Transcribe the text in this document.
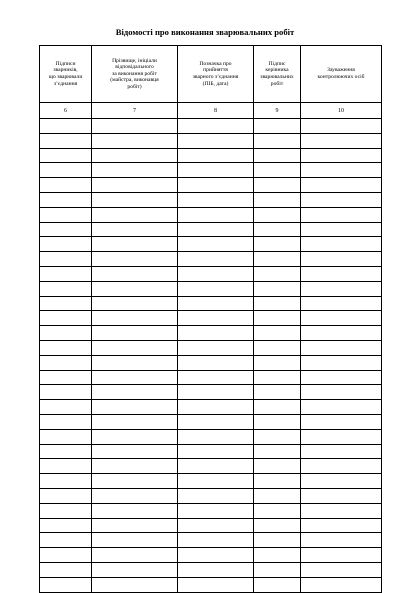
Відомості про виконання зварювальних робіт
Підписи
зварників,
що зварювали
з’єднання	Прізвище, ініціали
відповідального
за виконання робіт
(майстра, виконавця
робіт)	Позначка про
прийняття
зварного з’єднання
(ПІБ, дата)	Підпис
керівника
зварювальних
робіт	Зауваження
контролюючих осіб
6	7	8	9	10
